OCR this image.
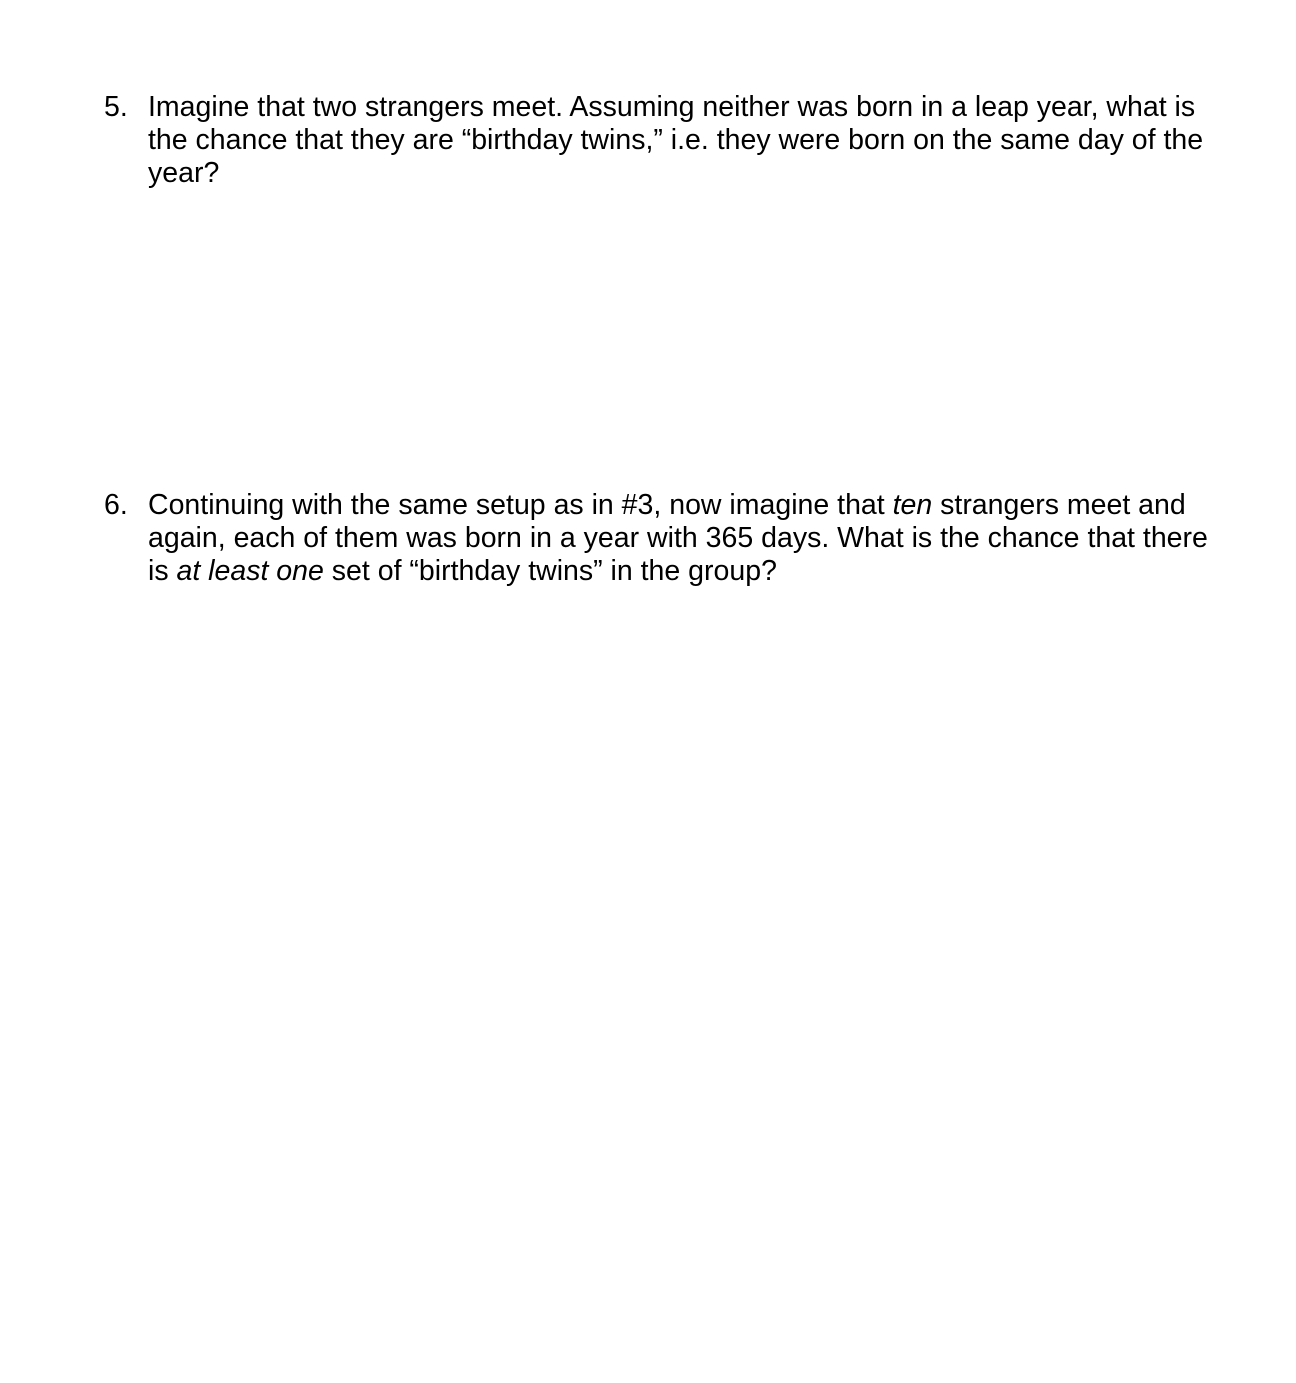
5. Imagine that two strangers meet. Assuming neither was born in a leap year, what is
the chance that they are “birthday twins,” i.e. they were born on the same day of the
year?
6. Continuing with the same setup as in #3, now imagine that ten strangers meet and
again, each of them was born in a year with 365 days. What is the chance that there
is at least one set of “birthday twins” in the group?
